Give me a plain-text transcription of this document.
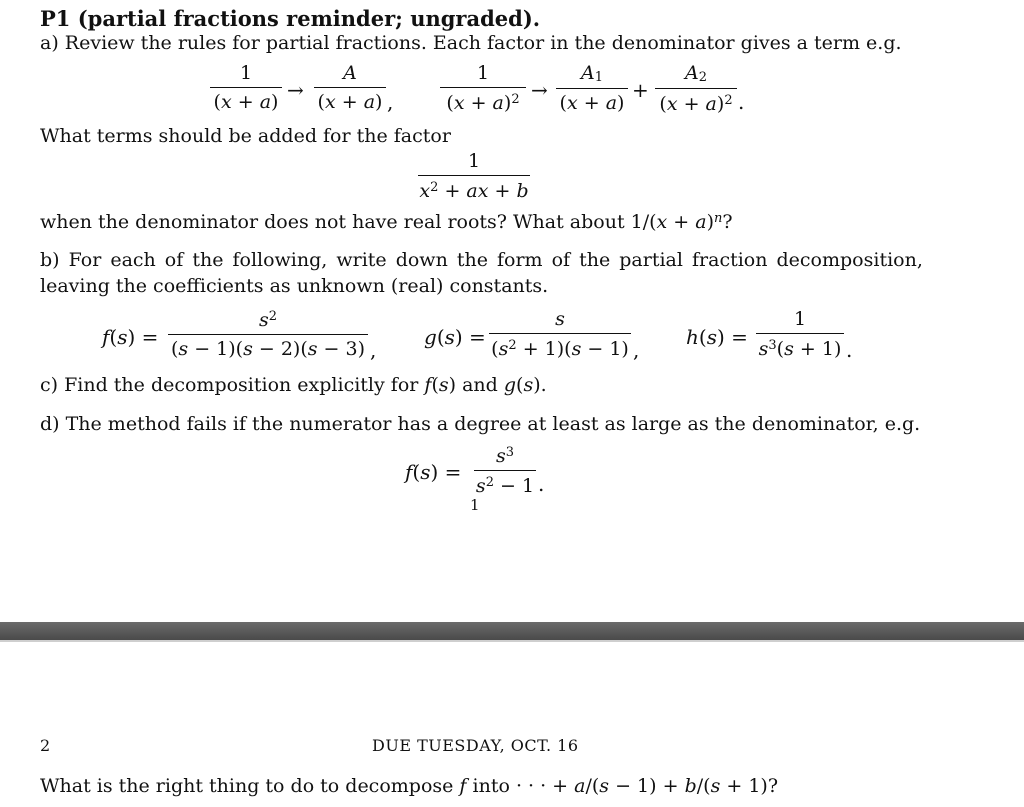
P1 (partial fractions reminder; ungraded).
a) Review the rules for partial fractions. Each factor in the denominator gives a term e.g.
1
(x + a) →
A
(x + a) ,
1
$(x + a)^2$ →
$A_1$
(x + a)
+
$A_2$
$(x + a)^2$ .
What terms should be added for the factor
1
$x^2$ + ax + b
when the denominator does not have real roots? What about $1/(x + a)^n$?
b) For each of the following, write down the form of the partial fraction decomposition,
leaving the coefficients as unknown (real) constants.
f(s) =
$s^2$
(s − 1)(s − 2)(s − 3) ,
g(s) =
s
$(s^2 + 1)(s - 1)$ ,
h(s) =
1
$s^3(s + 1)$ .
c) Find the decomposition explicitly for f(s) and g(s).
d) The method fails if the numerator has a degree at least as large as the denominator, e.g.
f(s) =
$s^3$
$s^2 - 1$ .
1
2	DUE TUESDAY, OCT. 16
What is the right thing to do to decompose f into · · · + a/(s − 1) + b/(s + 1)?
